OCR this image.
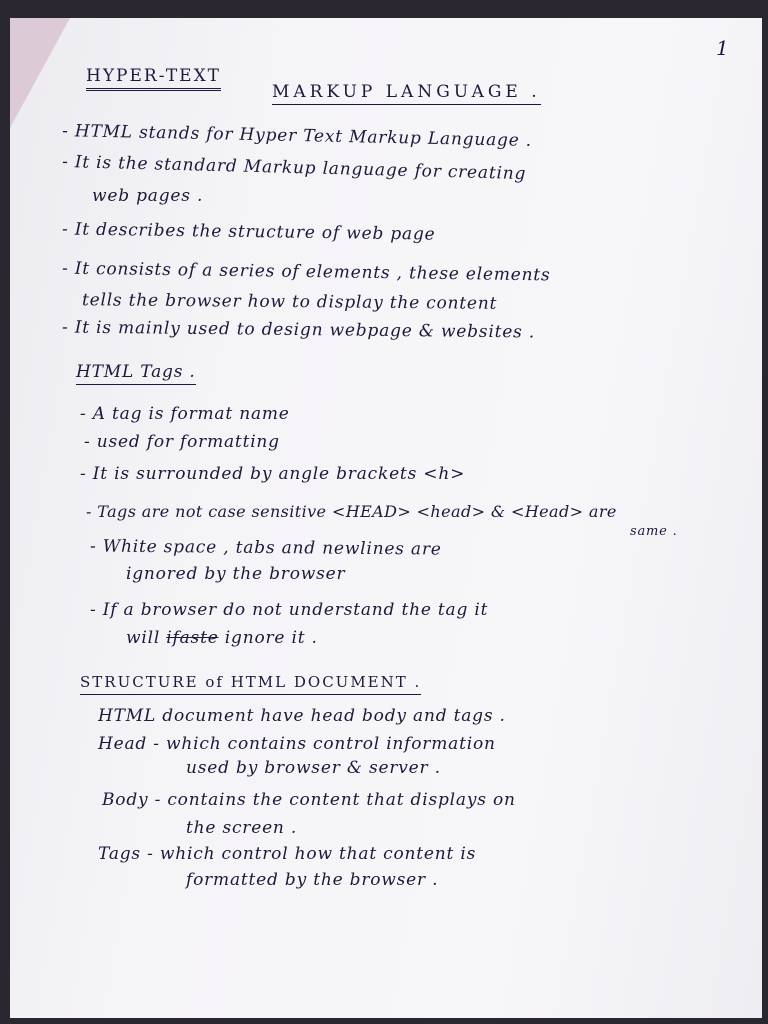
1
HYPER-TEXT
MARKUP LANGUAGE .
- HTML stands for Hyper Text Markup Language .
- It is the standard Markup language for creating
web pages .
- It describes the structure of web page
- It consists of a series of elements , these elements
tells the browser how to display the content
- It is mainly used to design webpage & websites .
HTML Tags .
- A tag is format name
- used for formatting
- It is surrounded by angle brackets <h>
- Tags are not case sensitive <HEAD> <head> & <Head> are
same .
- White space , tabs and newlines are
ignored by the browser
- If a browser do not understand the tag it
will ifaste ignore it .
STRUCTURE of HTML DOCUMENT .
HTML document have head body and tags .
Head - which contains control information
used by browser & server .
Body - contains the content that displays on
the screen .
Tags - which control how that content is
formatted by the browser .
